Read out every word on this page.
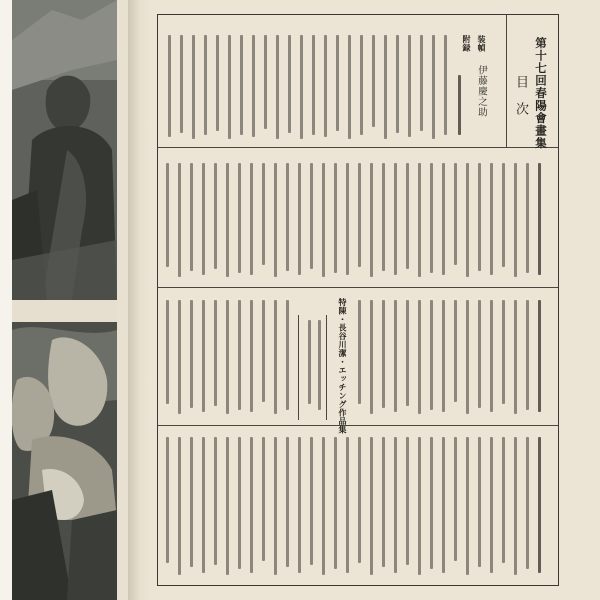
第十七回春陽會畫集
目次
装幀
伊藤慶之助
附録
特陳・長谷川潔・エッチング作品集
